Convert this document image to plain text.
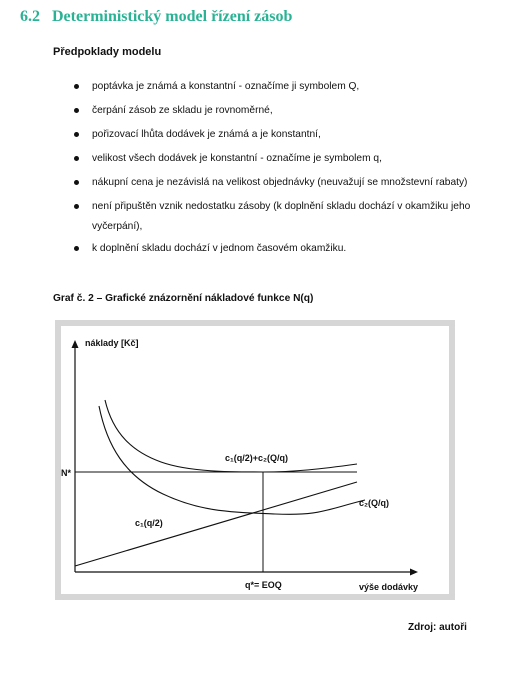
6.2 Deterministický model řízení zásob
Předpoklady modelu
poptávka je známá a konstantní - označíme ji symbolem Q,
čerpání zásob ze skladu je rovnoměrné,
pořizovací lhůta dodávek je známá a je konstantní,
velikost všech dodávek je konstantní - označíme je symbolem q,
nákupní cena je nezávislá na velikost objednávky (neuvažují se množstevní rabaty)
není připuštěn vznik nedostatku zásoby (k doplnění skladu dochází v okamžiku jeho vyčerpání),
k doplnění skladu dochází v jednom časovém okamžiku.
Graf č. 2 – Grafické znázornění nákladové funkce N(q)
náklady [Kč]
výše dodávky
c₁(q/2)+c₂(Q/q)
c₂(Q/q)
c₁(q/2)
N*
q*= EOQ
Zdroj: autoři
